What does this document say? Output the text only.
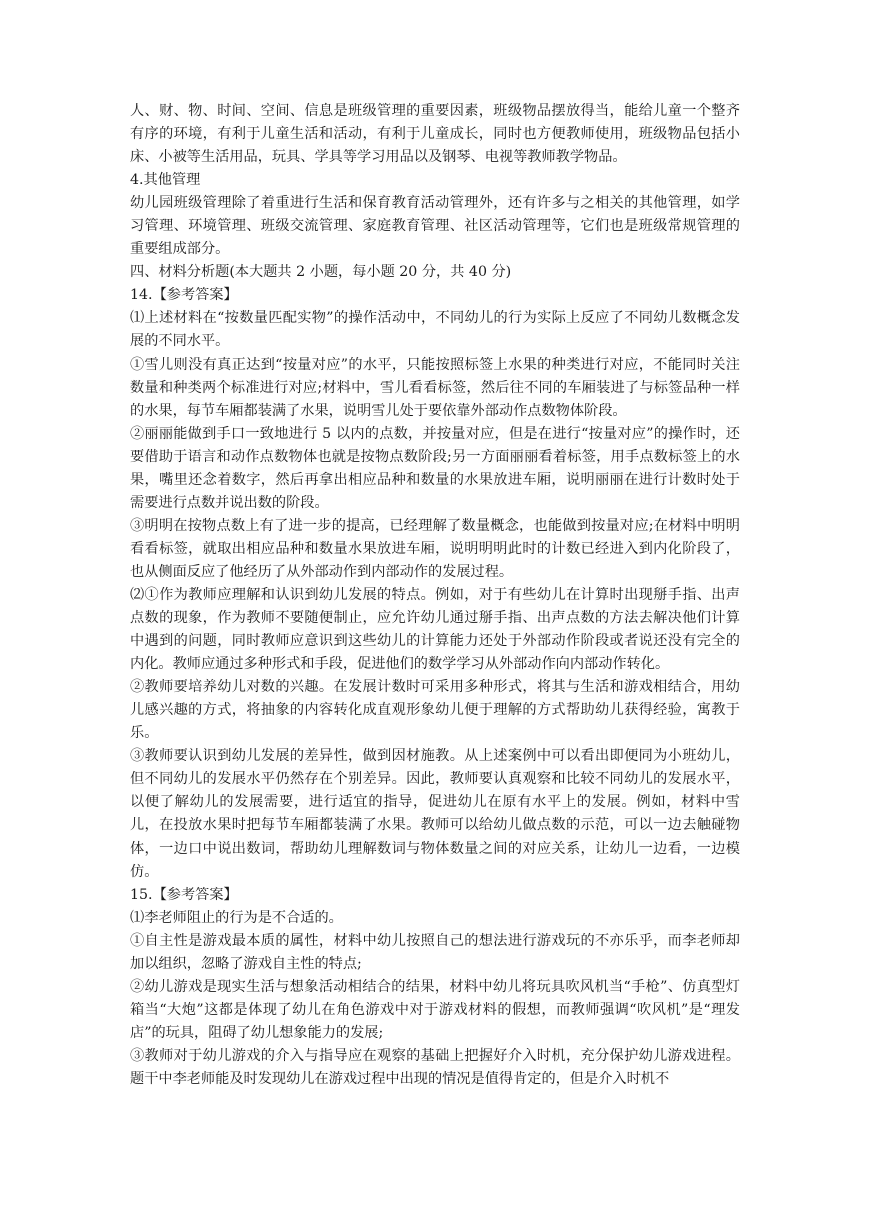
人、财、物、时间、空间、信息是班级管理的重要因素，班级物品摆放得当，能给儿童一个整齐有序的环境，有利于儿童生活和活动，有利于儿童成长，同时也方便教师使用，班级物品包括小床、小被等生活用品，玩具、学具等学习用品以及钢琴、电视等教师教学物品。

4.其他管理

幼儿园班级管理除了着重进行生活和保育教育活动管理外，还有许多与之相关的其他管理，如学习管理、环境管理、班级交流管理、家庭教育管理、社区活动管理等，它们也是班级常规管理的重要组成部分。

四、材料分析题(本大题共 2 小题，每小题 20 分，共 40 分)

14.【参考答案】

⑴上述材料在“按数量匹配实物”的操作活动中，不同幼儿的行为实际上反应了不同幼儿数概念发展的不同水平。

①雪儿则没有真正达到“按量对应”的水平，只能按照标签上水果的种类进行对应，不能同时关注数量和种类两个标准进行对应;材料中，雪儿看看标签，然后往不同的车厢装进了与标签品种一样的水果，每节车厢都装满了水果，说明雪儿处于要依靠外部动作点数物体阶段。

②丽丽能做到手口一致地进行 5 以内的点数，并按量对应，但是在进行“按量对应”的操作时，还要借助于语言和动作点数物体也就是按物点数阶段;另一方面丽丽看着标签，用手点数标签上的水果，嘴里还念着数字，然后再拿出相应品种和数量的水果放进车厢，说明丽丽在进行计数时处于需要进行点数并说出数的阶段。

③明明在按物点数上有了进一步的提高，已经理解了数量概念，也能做到按量对应;在材料中明明看看标签，就取出相应品种和数量水果放进车厢，说明明明此时的计数已经进入到内化阶段了，也从侧面反应了他经历了从外部动作到内部动作的发展过程。

⑵①作为教师应理解和认识到幼儿发展的特点。例如，对于有些幼儿在计算时出现掰手指、出声点数的现象，作为教师不要随便制止，应允许幼儿通过掰手指、出声点数的方法去解决他们计算中遇到的问题，同时教师应意识到这些幼儿的计算能力还处于外部动作阶段或者说还没有完全的内化。教师应通过多种形式和手段，促进他们的数学学习从外部动作向内部动作转化。

②教师要培养幼儿对数的兴趣。在发展计数时可采用多种形式，将其与生活和游戏相结合，用幼儿感兴趣的方式，将抽象的内容转化成直观形象幼儿便于理解的方式帮助幼儿获得经验，寓教于乐。

③教师要认识到幼儿发展的差异性，做到因材施教。从上述案例中可以看出即便同为小班幼儿，但不同幼儿的发展水平仍然存在个别差异。因此，教师要认真观察和比较不同幼儿的发展水平，以便了解幼儿的发展需要，进行适宜的指导，促进幼儿在原有水平上的发展。例如，材料中雪儿，在投放水果时把每节车厢都装满了水果。教师可以给幼儿做点数的示范，可以一边去触碰物体，一边口中说出数词，帮助幼儿理解数词与物体数量之间的对应关系，让幼儿一边看，一边模仿。

15.【参考答案】

⑴李老师阻止的行为是不合适的。

①自主性是游戏最本质的属性，材料中幼儿按照自己的想法进行游戏玩的不亦乐乎，而李老师却加以组织，忽略了游戏自主性的特点;

②幼儿游戏是现实生活与想象活动相结合的结果，材料中幼儿将玩具吹风机当“手枪”、仿真型灯箱当“大炮”这都是体现了幼儿在角色游戏中对于游戏材料的假想，而教师强调“吹风机”是“理发店”的玩具，阻碍了幼儿想象能力的发展;

③教师对于幼儿游戏的介入与指导应在观察的基础上把握好介入时机，充分保护幼儿游戏进程。题干中李老师能及时发现幼儿在游戏过程中出现的情况是值得肯定的，但是介入时机不
